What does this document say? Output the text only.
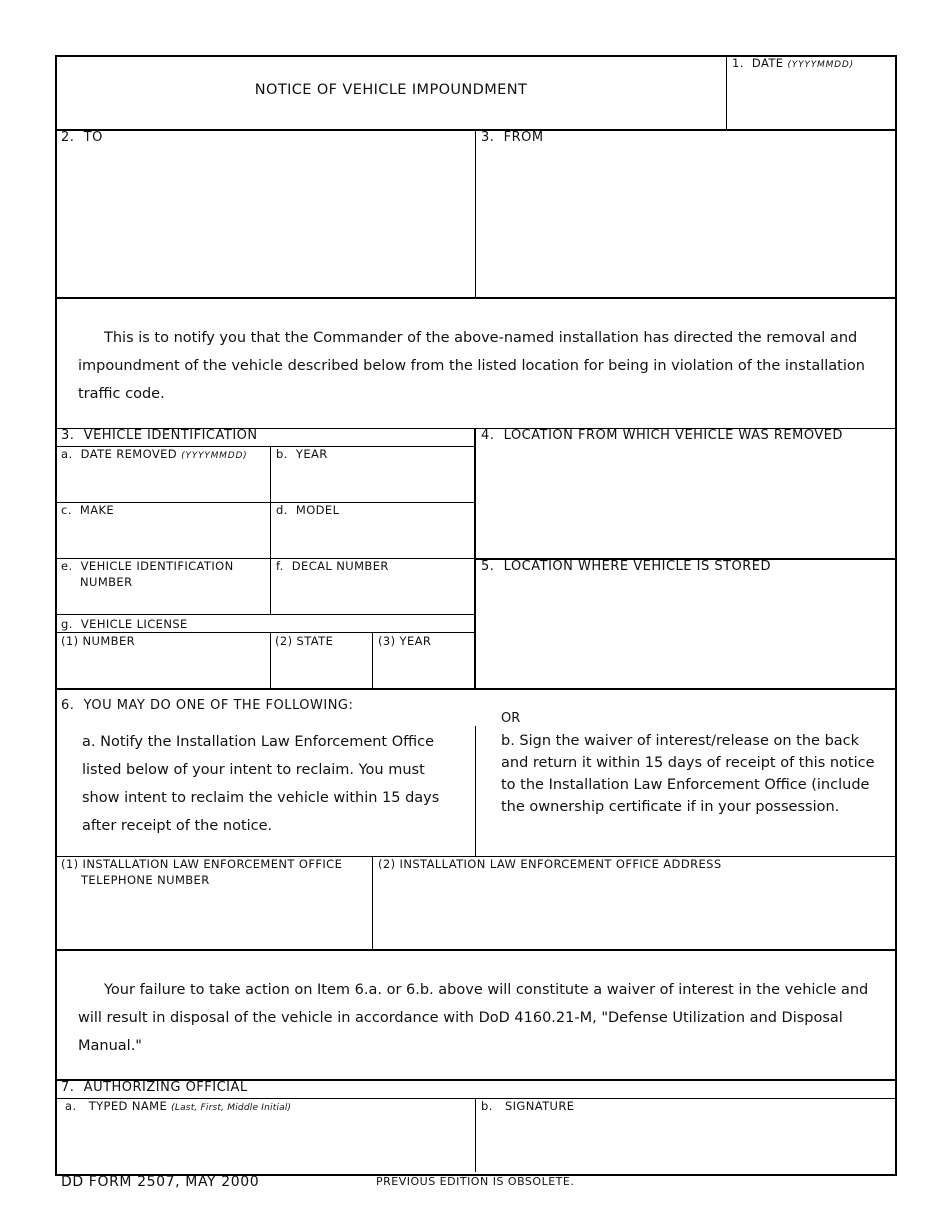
NOTICE OF VEHICLE IMPOUNDMENT
1. DATE (YYYYMMDD)
2. TO	3. FROM
This is to notify you that the Commander of the above-named installation has directed the removal and impoundment of the vehicle described below from the listed location for being in violation of the installation traffic code.
3. VEHICLE IDENTIFICATION
a. DATE REMOVED (YYYYMMDD) b. YEAR
c. MAKE	d. MODEL
e. VEHICLE IDENTIFICATION
NUMBER
f. DECAL NUMBER
g. VEHICLE LICENSE
(1) NUMBER	(2) STATE	(3) YEAR
4. LOCATION FROM WHICH VEHICLE WAS REMOVED
5. LOCATION WHERE VEHICLE IS STORED
6. YOU MAY DO ONE OF THE FOLLOWING:
OR
a. Notify the Installation Law Enforcement Office listed below of your intent to reclaim. You must show intent to reclaim the vehicle within 15 days after receipt of the notice.
b. Sign the waiver of interest/release on the back and return it within 15 days of receipt of this notice to the Installation Law Enforcement Office (include the ownership certificate if in your possession.
(1) INSTALLATION LAW ENFORCEMENT OFFICE
TELEPHONE NUMBER
(2) INSTALLATION LAW ENFORCEMENT OFFICE ADDRESS
Your failure to take action on Item 6.a. or 6.b. above will constitute a waiver of interest in the vehicle and will result in disposal of the vehicle in accordance with DoD 4160.21-M, "Defense Utilization and Disposal Manual."
7. AUTHORIZING OFFICIAL
a. TYPED NAME (Last, First, Middle Initial)	b. SIGNATURE
DD FORM 2507, MAY 2000	PREVIOUS EDITION IS OBSOLETE.
